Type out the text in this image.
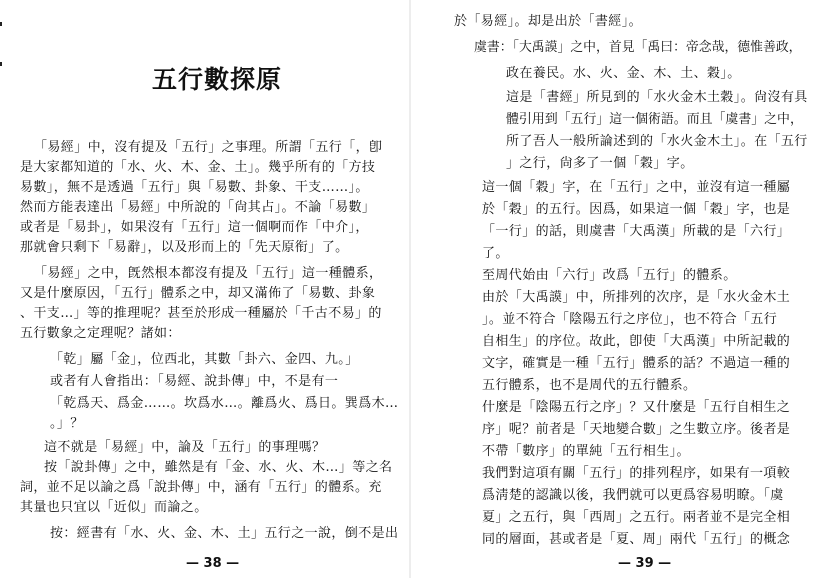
五行數探原
「易經」中，沒有提及「五行」之事理。所謂「五行「，卽
是大家都知道的「水、火、木、金、土」。幾乎所有的「方技
易數」，無不是透過「五行」與「易數、卦象、干支……」。
然而方能表達出「易經」中所說的「尙其占」。不論「易數」
或者是「易卦」，如果沒有「五行」這一個啊而作「中介」，
那就會只剩下「易辭」，以及形而上的「先天原衔」了。
「易經」之中，旣然根本都沒有提及「五行」這一種體系，
又是什麼原因，「五行」體系之中，却又滿佈了「易數、卦象
、干支…」等的推理呢？甚至於形成一種屬於「千古不易」的
五行數象之定理呢？諸如：
「乾」屬「金」，位西北，其數「卦六、金四、九。」
或者有人會指出：「易經、說卦傳」中，不是有一
「乾爲天、爲金……。坎爲水…。離爲火、爲日。巽爲木…
。」？
這不就是「易經」中，論及「五行」的事理嗎？
按「說卦傳」之中，雖然是有「金、水、火、木…」等之名
詞，並不足以論之爲「說卦傳」中，涵有「五行」的體系。充
其量也只宜以「近似」而論之。
按：經書有「水、火、金、木、土」五行之一說，倒不是出
— 38 —
於「易經」。却是出於「書經」。
虞書：「大禹謨」之中，首見「禹曰：帝念哉，德惟善政，
政在養民。水、火、金、木、土、穀」。
這是「書經」所見到的「水火金木土穀」。尙沒有具
體引用到「五行」這一個術語。而且「虞書」之中，
所了吾人一般所論述到的「水火金木土」。在「五行
」之行，尙多了一個「穀」字。
這一個「穀」字，在「五行」之中，並沒有這一種屬
於「穀」的五行。因爲，如果這一個「穀」字，也是
「一行」的話，則虞書「大禹漢」所載的是「六行」
了。
至周代始由「六行」改爲「五行」的體系。
由於「大禹謨」中，所排列的次序，是「水火金木土
」。並不符合「陰陽五行之序位」，也不符合「五行
自相生」的序位。故此，卽使「大禹漢」中所記載的
文字，確實是一種「五行」體系的話？不過這一種的
五行體系，也不是周代的五行體系。
什麼是「陰陽五行之序」？又什麼是「五行自相生之
序」呢？前者是「天地變合數」之生數立序。後者是
不帶「數序」的單純「五行相生」。
我們對這項有關「五行」的排列程序，如果有一項較
爲淸楚的認識以後，我們就可以更爲容易明瞭。「虞
夏」之五行，與「西周」之五行。兩者並不是完全相
同的層面，甚或者是「夏、周」兩代「五行」的概念
— 39 —
